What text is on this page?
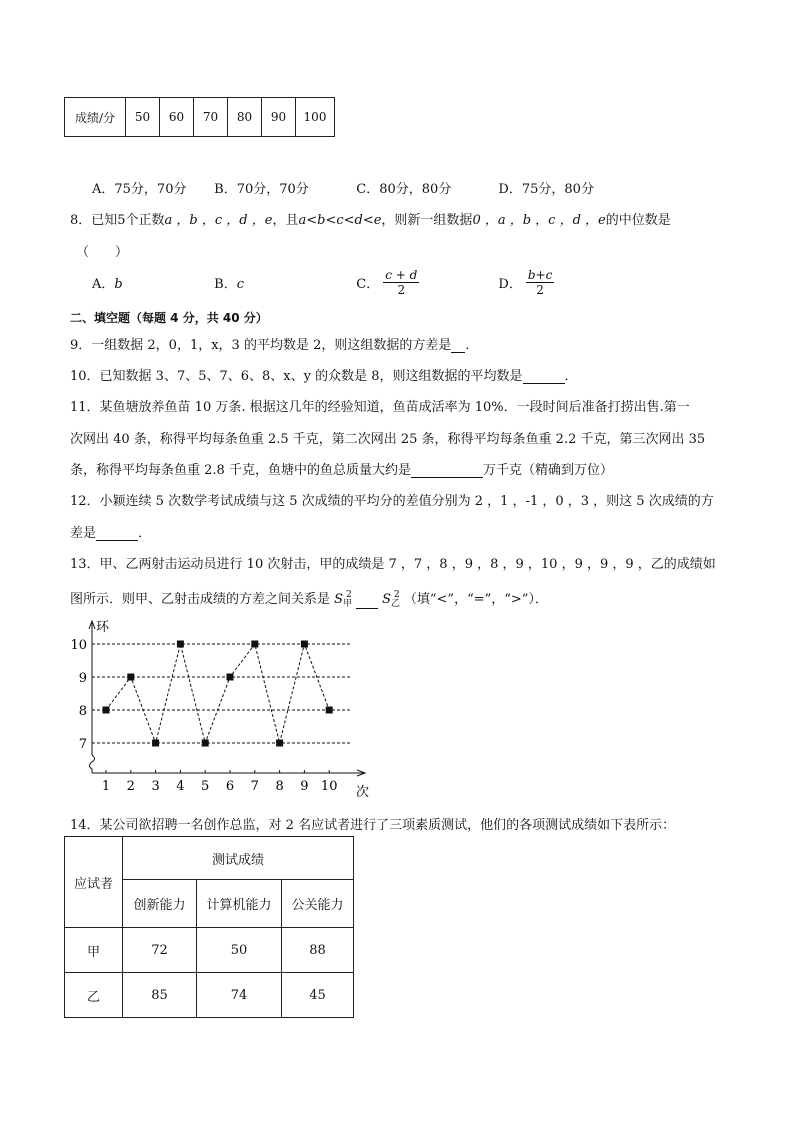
成绩/分	50	60	70	80	90	100
A．75分，70分 B．70分，70分	C．80分，80分	D．75分，80分
8．已知5个正数a ，b ，c ，d ，e，且a<b<c<d<e，则新一组数据0 ，a ，b ，c ，d ，e的中位数是
（　　）
A．b	B．c	C． $\frac{c + d}{2}$	D． $\frac{b+c}{2}$
二、填空题（每题 4 分，共 40 分）
9．一组数据 2，0，1，x，3 的平均数是 2，则这组数据的方差是 ．
10．已知数据 3、7、5、7、6、8、x、y 的众数是 8，则这组数据的平均数是	．
11．某鱼塘放养鱼苗 10 万条. 根据这几年的经验知道，鱼苗成活率为 10%．一段时间后准备打捞出售.第一
次网出 40 条，称得平均每条鱼重 2.5 千克，第二次网出 25 条，称得平均每条鱼重 2.2 千克，第三次网出 35
条，称得平均每条鱼重 2.8 千克，鱼塘中的鱼总质量大约是	万千克（精确到万位）
12．小颖连续 5 次数学考试成绩与这 5 次成绩的平均分的差值分别为 2 ，1 ，-1 ，0 ，3 ，则这 5 次成绩的方
差是	．
13．甲、乙两射击运动员进行 10 次射击，甲的成绩是 7 ，7 ，8 ，9 ，8 ，9 ，10 ，9 ，9 ，9 ，乙的成绩如
图所示．则甲、乙射击成绩的方差之间关系是 $S_甲^2$ $S_乙^2$ （填“<”，“=”，“>”）．
环
次
7
8
9
10
1 2 3 4 5 6 7 8 9 10
14．某公司欲招聘一名创作总监，对 2 名应试者进行了三项素质测试，他们的各项测试成绩如下表所示：
应试者	测试成绩		
	创新能力	计算机能力	公关能力
甲	72	50	88
乙	85	74	45
